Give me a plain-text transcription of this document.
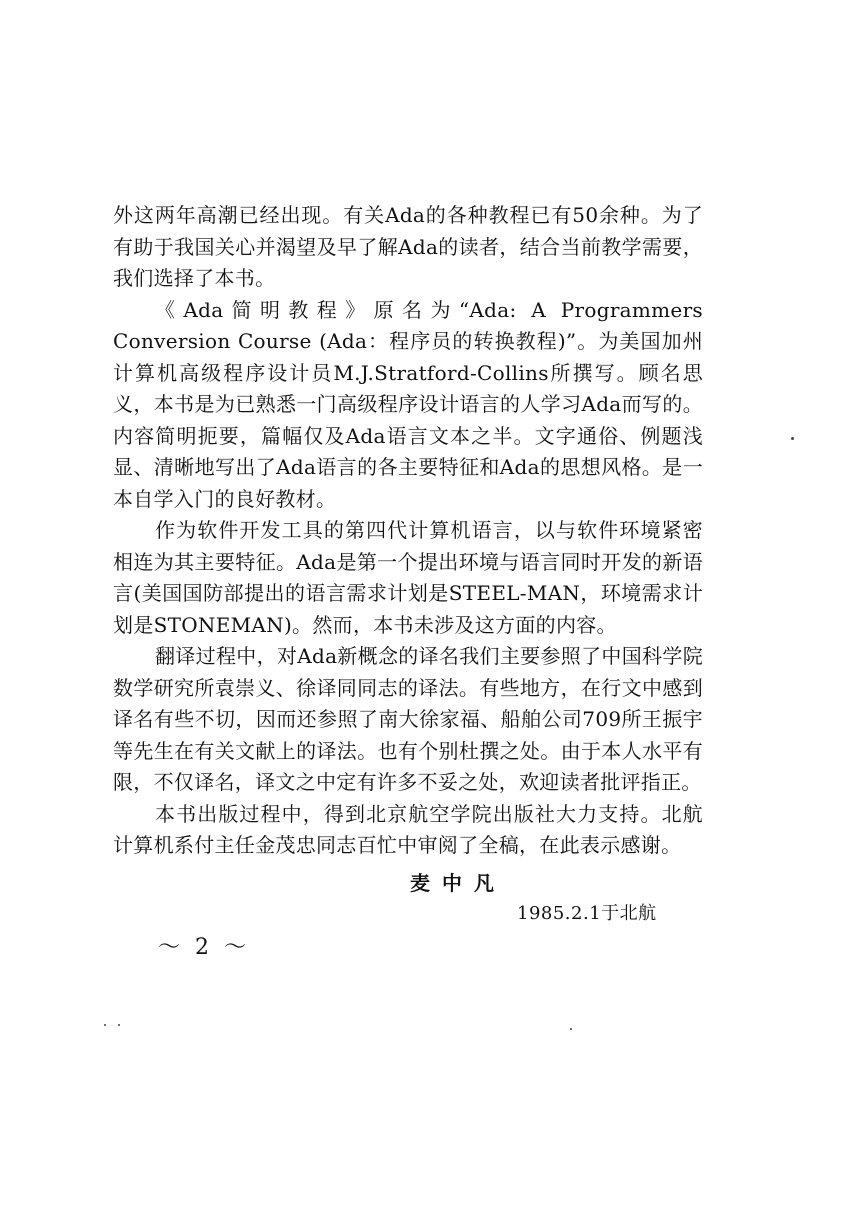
外这两年高潮已经出现。有关Ada的各种教程已有50余种。为了有助于我国关心并渴望及早了解Ada的读者，结合当前教学需要，我们选择了本书。

《Ada简明教程》原名为“Ada: A Programmers Conversion Course (Ada：程序员的转换教程)”。为美国加州计算机高级程序设计员M.J.Stratford-Collins所撰写。顾名思义，本书是为已熟悉一门高级程序设计语言的人学习Ada而写的。内容简明扼要，篇幅仅及Ada语言文本之半。文字通俗、例题浅显、清晰地写出了Ada语言的各主要特征和Ada的思想风格。是一本自学入门的良好教材。

作为软件开发工具的第四代计算机语言，以与软件环境紧密相连为其主要特征。Ada是第一个提出环境与语言同时开发的新语言(美国国防部提出的语言需求计划是STEEL-MAN，环境需求计划是STONEMAN)。然而，本书未涉及这方面的内容。

翻译过程中，对Ada新概念的译名我们主要参照了中国科学院数学研究所袁崇义、徐译同同志的译法。有些地方，在行文中感到译名有些不切，因而还参照了南大徐家福、船舶公司709所王振宇等先生在有关文献上的译法。也有个别杜撰之处。由于本人水平有限，不仅译名，译文之中定有许多不妥之处，欢迎读者批评指正。

本书出版过程中，得到北京航空学院出版社大力支持。北航计算机系付主任金茂忠同志百忙中审阅了全稿，在此表示感谢。

麦中凡
1985.2.1于北航
～ 2 ～
